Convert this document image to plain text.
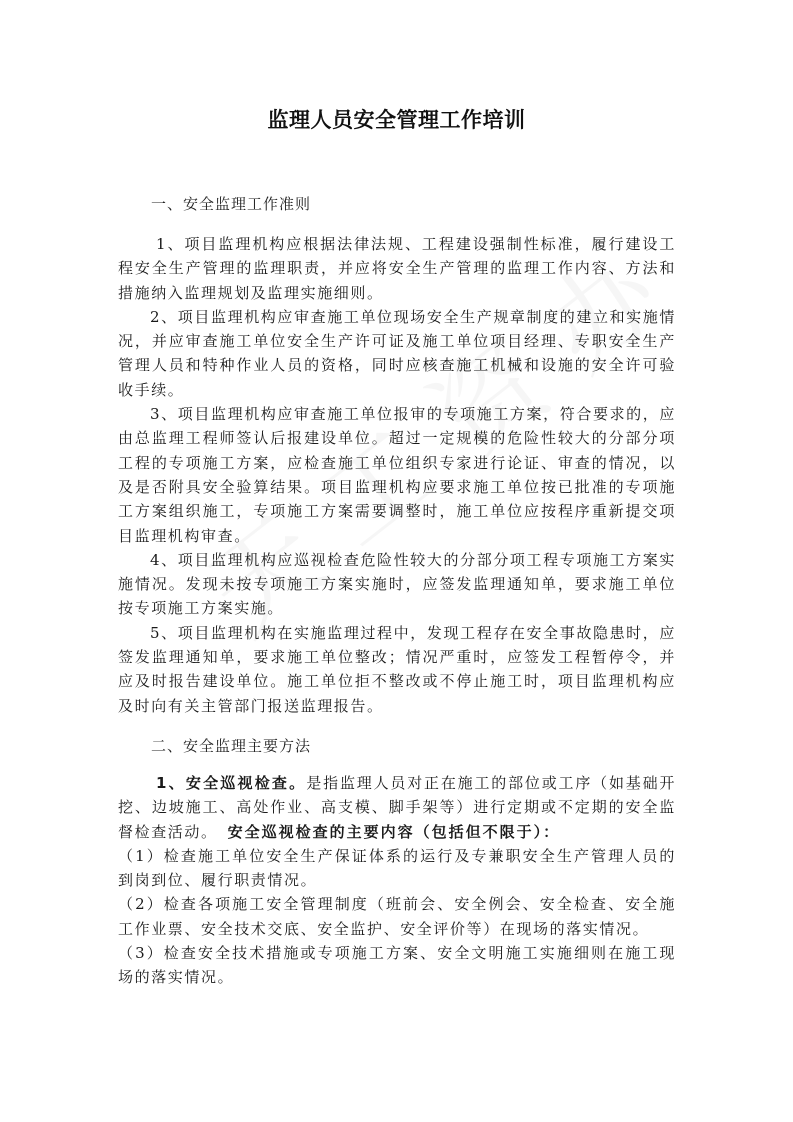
监理人员安全管理工作培训
一、安全监理工作准则

1、项目监理机构应根据法律法规、工程建设强制性标准，履行建设工程安全生产管理的监理职责，并应将安全生产管理的监理工作内容、方法和措施纳入监理规划及监理实施细则。

2、项目监理机构应审查施工单位现场安全生产规章制度的建立和实施情况，并应审查施工单位安全生产许可证及施工单位项目经理、专职安全生产管理人员和特种作业人员的资格，同时应核查施工机械和设施的安全许可验收手续。

3、项目监理机构应审查施工单位报审的专项施工方案，符合要求的，应由总监理工程师签认后报建设单位。超过一定规模的危险性较大的分部分项工程的专项施工方案，应检查施工单位组织专家进行论证、审查的情况，以及是否附具安全验算结果。项目监理机构应要求施工单位按已批准的专项施工方案组织施工，专项施工方案需要调整时，施工单位应按程序重新提交项目监理机构审查。

4、项目监理机构应巡视检查危险性较大的分部分项工程专项施工方案实施情况。发现未按专项施工方案实施时，应签发监理通知单，要求施工单位按专项施工方案实施。

5、项目监理机构在实施监理过程中，发现工程存在安全事故隐患时，应签发监理通知单，要求施工单位整改；情况严重时，应签发工程暂停令，并应及时报告建设单位。施工单位拒不整改或不停止施工时，项目监理机构应及时向有关主管部门报送监理报告。

二、安全监理主要方法

1、安全巡视检查。是指监理人员对正在施工的部位或工序（如基础开挖、边坡施工、高处作业、高支模、脚手架等）进行定期或不定期的安全监督检查活动。 安全巡视检查的主要内容（包括但不限于）：

（1）检查施工单位安全生产保证体系的运行及专兼职安全生产管理人员的到岗到位、履行职责情况。

（2）检查各项施工安全管理制度（班前会、安全例会、安全检查、安全施工作业票、安全技术交底、安全监护、安全评价等）在现场的落实情况。

（3）检查安全技术措施或专项施工方案、安全文明施工实施细则在施工现场的落实情况。
